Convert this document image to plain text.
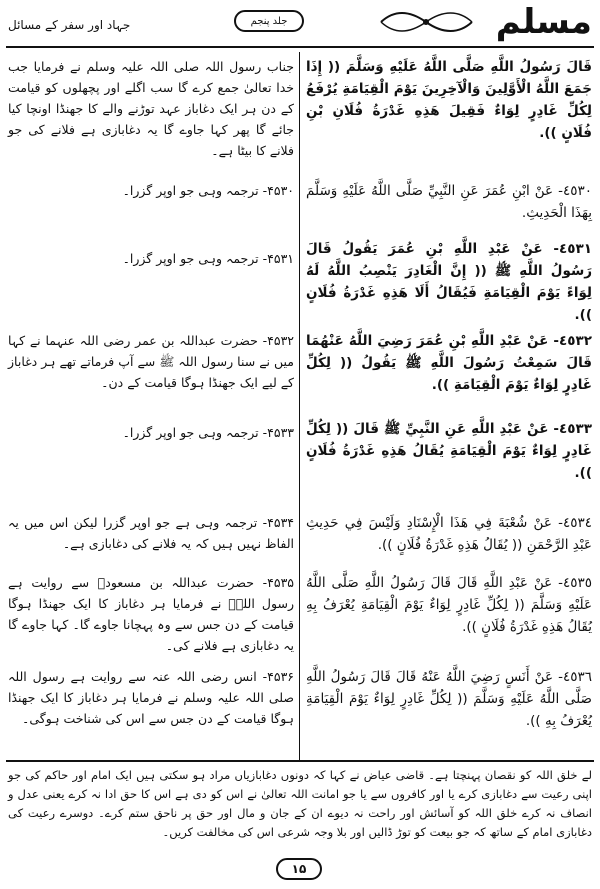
جہاد اور سفر کے مسائل	جلد پنجم	مسلم
قَالَ رَسُولُ اللَّهِ صَلَّى اللَّهُ عَلَيْهِ وَسَلَّمَ (( إِذَا جَمَعَ اللَّهُ الْأَوَّلِينَ وَالْآخِرِينَ يَوْمَ الْقِيَامَةِ يُرْفَعُ لِكُلِّ غَادِرٍ لِوَاءٌ فَقِيلَ هَذِهِ غَدْرَةُ فُلَانِ بْنِ فُلَانٍ )).
٤٥٣٠- عَنْ ابْنِ عُمَرَ عَنِ النَّبِيِّ صَلَّى اللَّهُ عَلَيْهِ وَسَلَّمَ بِهَذَا الْحَدِيثِ.
٤٥٣١- عَنْ عَبْدِ اللَّهِ بْنِ عُمَرَ يَقُولُ قَالَ رَسُولُ اللَّهِ ﷺ (( إِنَّ الْغَادِرَ يَنْصِبُ اللَّهُ لَهُ لِوَاءً يَوْمَ الْقِيَامَةِ فَيُقَالُ أَلَا هَذِهِ غَدْرَةُ فُلَانٍ )).
٤٥٣٢- عَنْ عَبْدِ اللَّهِ بْنِ عُمَرَ رَضِيَ اللَّهُ عَنْهُمَا قَالَ سَمِعْتُ رَسُولَ اللَّهِ ﷺ يَقُولُ (( لِكُلِّ غَادِرٍ لِوَاءٌ يَوْمَ الْقِيَامَةِ )).
٤٥٣٣- عَنْ عَبْدِ اللَّهِ عَنِ النَّبِيِّ ﷺ قَالَ (( لِكُلِّ غَادِرٍ لِوَاءٌ يَوْمَ الْقِيَامَةِ يُقَالُ هَذِهِ غَدْرَةُ فُلَانٍ )).
٤٥٣٤- عَنْ شُعْبَةَ فِي هَذَا الْإِسْنَادِ وَلَيْسَ فِي حَدِيثِ عَبْدِ الرَّحْمَنِ (( يُقَالُ هَذِهِ غَدْرَةُ فُلَانٍ )).
٤٥٣٥- عَنْ عَبْدِ اللَّهِ قَالَ قَالَ رَسُولُ اللَّهِ صَلَّى اللَّهُ عَلَيْهِ وَسَلَّمَ (( لِكُلِّ غَادِرٍ لِوَاءٌ يَوْمَ الْقِيَامَةِ يُعْرَفُ بِهِ يُقَالُ هَذِهِ غَدْرَةُ فُلَانٍ )).
٤٥٣٦- عَنْ أَنَسٍ رَضِيَ اللَّهُ عَنْهُ قَالَ قَالَ رَسُولُ اللَّهِ صَلَّى اللَّهُ عَلَيْهِ وَسَلَّمَ (( لِكُلِّ غَادِرٍ لِوَاءٌ يَوْمَ الْقِيَامَةِ يُعْرَفُ بِهِ )).
جناب رسول اللہ صلی اللہ علیہ وسلم نے فرمایا جب خدا تعالیٰ جمع کرے گا سب اگلے اور پچھلوں کو قیامت کے دن ہر ایک دغاباز عہد توڑنے والے کا جھنڈا اونچا کیا جائے گا پھر کہا جاوے گا یہ دغابازی ہے فلانے کی جو فلانے کا بیٹا ہے۔
۴۵۳۰- ترجمہ وہی جو اوپر گزرا۔
۴۵۳۱- ترجمہ وہی جو اوپر گزرا۔
۴۵۳۲- حضرت عبداللہ بن عمر رضی اللہ عنہما نے کہا میں نے سنا رسول اللہ ﷺ سے آپ فرماتے تھے ہر دغاباز کے لیے ایک جھنڈا ہوگا قیامت کے دن۔
۴۵۳۳- ترجمہ وہی جو اوپر گزرا۔
۴۵۳۴- ترجمہ وہی ہے جو اوپر گزرا لیکن اس میں یہ الفاظ نہیں ہیں کہ یہ فلانے کی دغابازی ہے۔
۴۵۳۵- حضرت عبداللہ بن مسعودؓ سے روایت ہے رسول اللہؐ نے فرمایا ہر دغاباز کا ایک جھنڈا ہوگا قیامت کے دن جس سے وہ پہچانا جاوے گا۔ کہا جاوے گا یہ دغابازی ہے فلانے کی۔
۴۵۳۶- انس رضی اللہ عنہ سے روایت ہے رسول اللہ صلی اللہ علیہ وسلم نے فرمایا ہر دغاباز کا ایک جھنڈا ہوگا قیامت کے دن جس سے اس کی شناخت ہوگی۔
لے خلق اللہ کو نقصان پہنچتا ہے۔ قاضی عیاض نے کہا کہ دونوں دغابازیاں مراد ہو سکتی ہیں ایک امام اور حاکم کی جو اپنی رعیت سے دغابازی کرے یا اور کافروں سے یا جو امانت اللہ تعالیٰ نے اس کو دی ہے اس کا حق ادا نہ کرے یعنی عدل و انصاف نہ کرے خلق اللہ کو آسائش اور راحت نہ دیوے ان کے جان و مال اور حق پر ناحق ستم کرے۔ دوسرے رعیت کی دغابازی امام کے ساتھ کہ جو بیعت کو توڑ ڈالیں اور بلا وجہ شرعی اس کی مخالفت کریں۔
۱۵
